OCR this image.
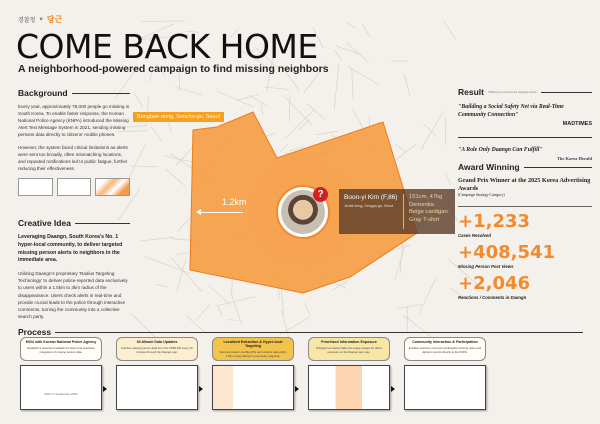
경찰청 × 당근
COME BACK HOME
A neighborhood-powered campaign to find missing neighbors
Background
Every year, approximately 78,000 people go missing in South Korea. To enable faster response, the Korean National Police Agency (KNPA) introduced the Missing Alert Text Message System in 2021, sending missing persons data directly to citizens' mobile phones.
However, the system faced critical limitations as alerts were sent too broadly, often mismatching locations, and repeated notifications led to public fatigue, further reducing their effectiveness.
Creative Idea
Leveraging Daangn, South Korea's No. 1 hyper-local community, to deliver targeted missing person alerts to neighbors in the immediate area.
Utilizing Daangn's proprietary 'Radius Targeting Technology' to deliver police-reported data exclusively to users within a 1.5km to 3km radius of the disappearance. Users check alerts in real-time and provide crucial leads to the police through interactive comments, turning the community into a collective search party.
Bangbae-dong, Seocho-gu, Seoul
1.2km
?	Boon-yi Kim (F,86)
Jeosil-dong, Songpa-gu, Seoul
151cm, 47kg
Dementia
Beige cardigan
Gray T-shirt
Result *Within just a month of the campaign launch
"Building a Social Safety Net via Real-Time Community Connection"
MADTIMES
"A Role Only Daangn Can Fulfill"
The Korea Herald
Award Winning
Grand Prix Winner at the 2025 Korea Advertising Awards
(Campaign Strategy Category)
+1,233
Cases Resolved
+408,541
Missing Person Post Views
+2,046
Reactions / Comments in Daangn
Process
MOU with Korean National Police Agency
Establish a real-time feedback for direct and seamless integration of missing person data.
MOU in September 2024
30-Minute Data Updates
Fetches missing person data from the KNPA API every 30 minutes through the Daangn app.
Localized Extraction & Hyper-local Targeting
Narrows location via Big APIs and extracts data within 1.5km using Daangn's proprietary targeting.
Prioritized Information Exposure
Displays text-based data into image images for direct exposure on the Daangn app map.
Community Interaction & Participation
Enables real-time comment participation among users and delivers reports directly to the KNPA.
